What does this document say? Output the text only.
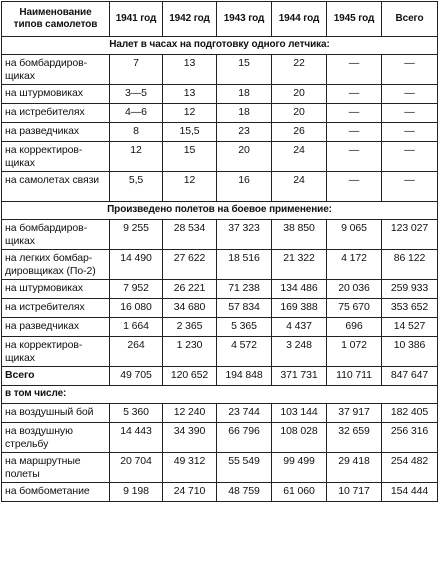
Наименование типов самолетов	1941 год	1942 год	1943 год	1944 год	1945 год	Всего
Налет в часах на подготовку одного летчика:						
на бомбардиров-щиках	7	13	15	22	—	—
на штурмовиках	3—5	13	18	20	—	—
на истребителях	4—6	12	18	20	—	—
на разведчиках	8	15,5	23	26	—	—
на корректиров-щиках	12	15	20	24	—	—
на самолетах связи	5,5	12	16	24	—	—
Произведено полетов на боевое применение:						
на бомбардиров-щиках	9 255	28 534	37 323	38 850	9 065	123 027
на легких бомбар-дировщиках (По-2)	14 490	27 622	18 516	21 322	4 172	86 122
на штурмовиках	7 952	26 221	71 238	134 486	20 036	259 933
на истребителях	16 080	34 680	57 834	169 388	75 670	353 652
на разведчиках	1 664	2 365	5 365	4 437	696	14 527
на корректиров-щиках	264	1 230	4 572	3 248	1 072	10 386
Всего	49 705	120 652	194 848	371 731	110 711	847 647
в том числе:						
на воздушный бой	5 360	12 240	23 744	103 144	37 917	182 405
на воздушную стрельбу	14 443	34 390	66 796	108 028	32 659	256 316
на маршрутные полеты	20 704	49 312	55 549	99 499	29 418	254 482
на бомбометание	9 198	24 710	48 759	61 060	10 717	154 444
